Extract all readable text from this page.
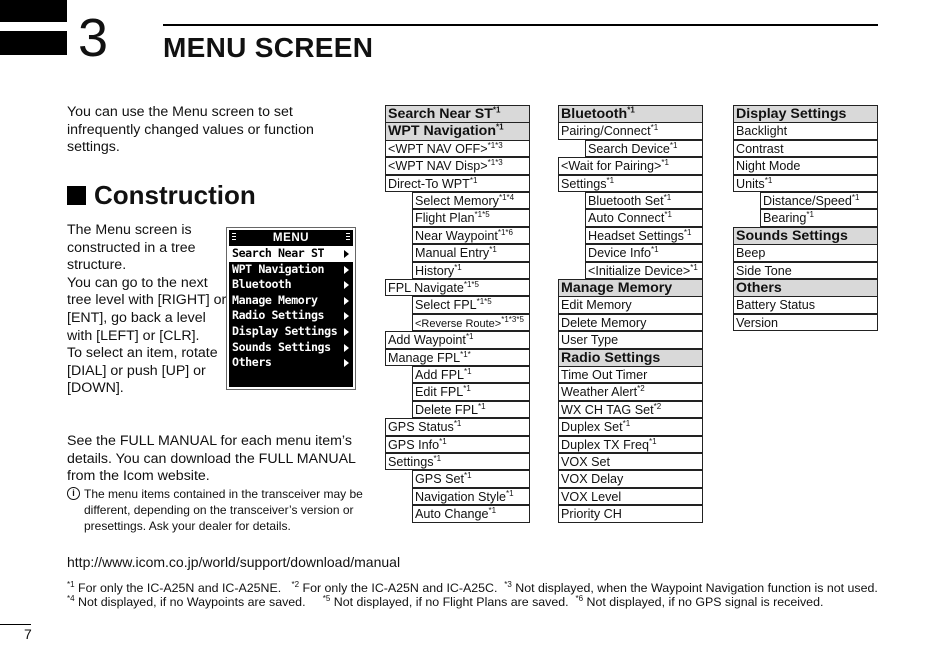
3 MENU SCREEN
You can use the Menu screen to set infrequently changed values or function settings.
Construction
The Menu screen is constructed in a tree structure.
You can go to the next tree level with [RIGHT] or [ENT], go back a level with [LEFT] or [CLR].
To select an item, rotate [DIAL] or push [UP] or [DOWN].
MENU
Search Near ST
WPT Navigation
Bluetooth
Manage Memory
Radio Settings
Display Settings
Sounds Settings
Others
See the FULL MANUAL for each menu item’s details. You can download the FULL MANUAL from the Icom website.
i The menu items contained in the transceiver may be different, depending on the transceiver’s version or presettings. Ask your dealer for details.
http://www.icom.co.jp/world/support/download/manual
Search Near ST$^{*1}$
WPT Navigation$^{*1}$
<WPT NAV OFF>$^{*1*3}$
<WPT NAV Disp>$^{*1*3}$
Direct-To WPT$^{*1}$
Select Memory$^{*1*4}$
Flight Plan$^{*1*5}$
Near Waypoint$^{*1*6}$
Manual Entry$^{*1}$
History$^{*1}$
FPL Navigate$^{*1*5}$
Select $FPL^{*1*5}$
<Reverse Route>$^{*1*3*5}$
Add Waypoint$^{*1}$
Manage $FPL^{*1*}$
Add FPL$^{*1}$
Edit FPL$^{*1}$
Delete FPL$^{*1}$
GPS Status$^{*1}$
GPS Info$^{*1}$
Settings$^{*1}$
GPS Set$^{*1}$
Navigation Style$^{*1}$
Auto Change$^{*1}$
Bluetooth$^{*1}$
Pairing/Connect$^{*1}$
Search Device$^{*1}$
<Wait for Pairing>$^{*1}$
Settings$^{*1}$
Bluetooth Set$^{*1}$
Auto Connect$^{*1}$
Headset Settings$^{*1}$
Device Info$^{*1}$
<Initialize Device>$^{*1}$
Manage Memory
Edit Memory
Delete Memory
User Type
Radio Settings
Time Out Timer
Weather Alert$^{*2}$
WX CH TAG Set$^{*2}$
Duplex Set$^{*1}$
Duplex TX Freq$^{*1}$
VOX Set
VOX Delay
VOX Level
Priority CH
Display Settings
Backlight
Contrast
Night Mode
Units$^{*1}$
Distance/Speed$^{*1}$
Bearing$^{*1}$
Sounds Settings
Beep
Side Tone
Others
Battery Status
Version
$^{*1}$ For only the IC-A25N and IC-A25NE.   $^{*2}$ For only the IC-A25N and IC-A25C.  $^{*3}$ Not displayed, when the Waypoint Navigation function is not used.
$^{*4}$ Not displayed, if no Waypoints are saved.     $^{*5}$ Not displayed, if no Flight Plans are saved.  $^{*6}$ Not displayed, if no GPS signal is received.
7
